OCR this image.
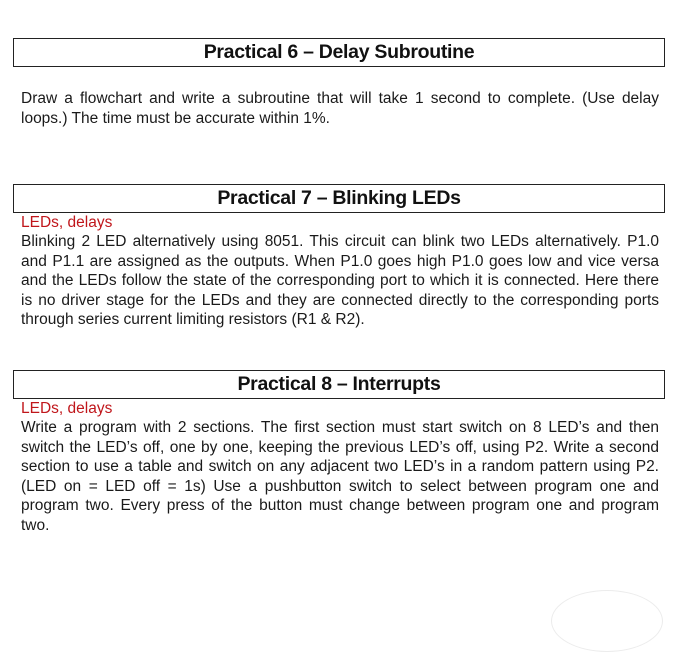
Practical 6 – Delay Subroutine
Draw a flowchart and write a subroutine that will take 1 second to complete. (Use delay loops.) The time must be accurate within 1%.
Practical 7 – Blinking LEDs
LEDs, delays
Blinking 2 LED alternatively using 8051. This circuit can blink two LEDs alternatively. P1.0 and P1.1 are assigned as the outputs. When P1.0 goes high P1.0 goes low and vice versa and the LEDs follow the state of the corresponding port to which it is connected. Here there is no driver stage for the LEDs and they are connected directly to the corresponding ports through series current limiting resistors (R1 & R2).
Practical 8 – Interrupts
LEDs, delays
Write a program with 2 sections. The first section must start switch on 8 LED’s and then switch the LED’s off, one by one, keeping the previous LED’s off, using P2. Write a second section to use a table and switch on any adjacent two LED’s in a random pattern using P2. (LED on = LED off = 1s) Use a pushbutton switch to select between program one and program two. Every press of the button must change between program one and program two.
